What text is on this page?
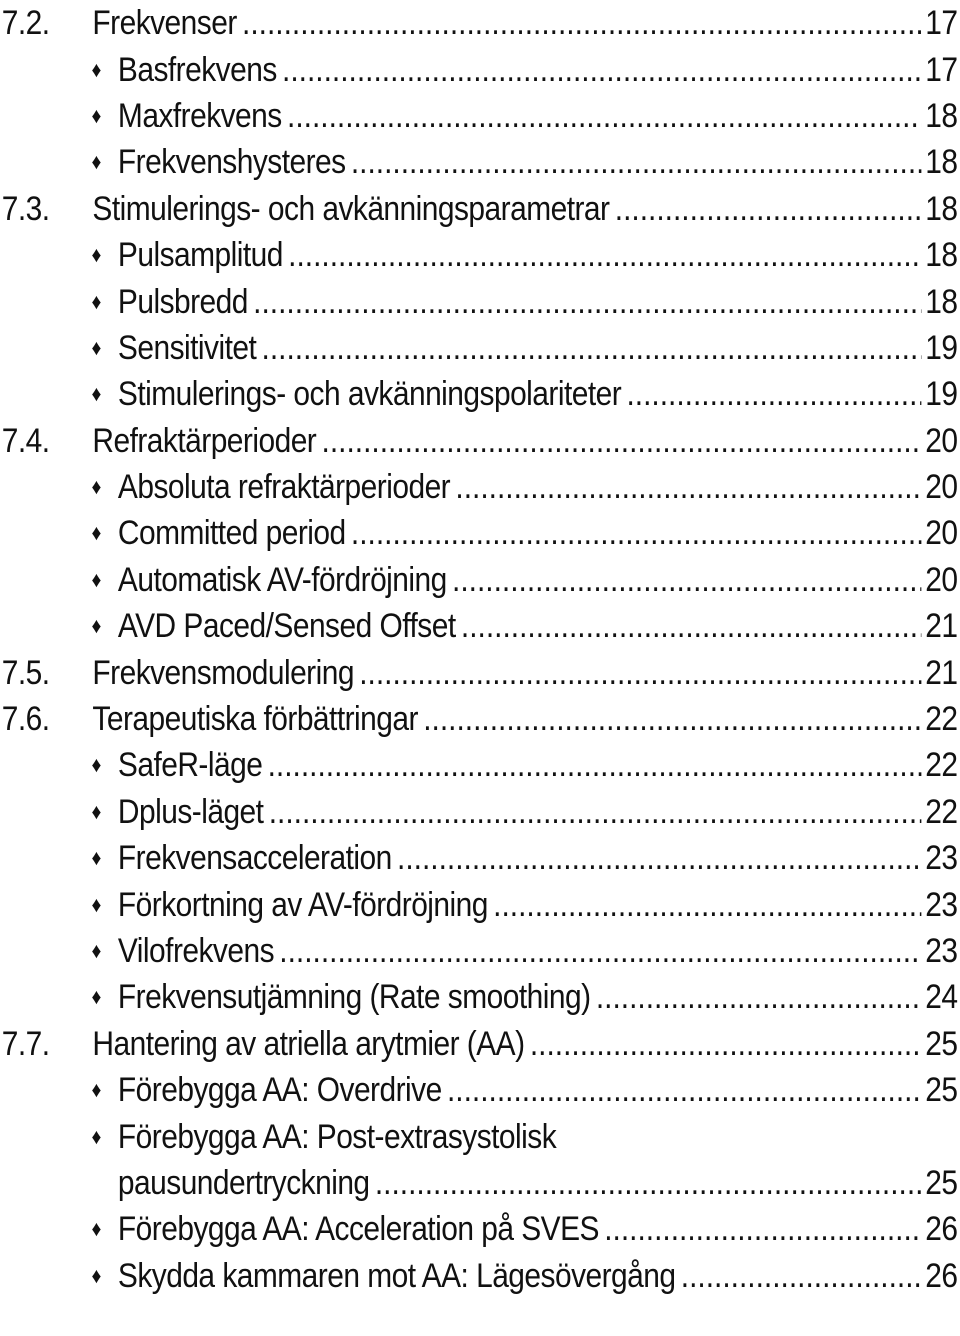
7.2.	Frekvenser .....	17
♦ Basfrekvens .....	17
♦ Maxfrekvens .....	18
♦ Frekvenshysteres .....	18
7.3.	Stimulerings- och avkänningsparametrar .....	18
♦ Pulsamplitud .....	18
♦ Pulsbredd .....	18
♦ Sensitivitet .....	19
♦ Stimulerings- och avkänningspolariteter .....	19
7.4.	Refraktärperioder .....	20
♦ Absoluta refraktärperioder .....	20
♦ Committed period .....	20
♦ Automatisk AV-fördröjning .....	20
♦ AVD Paced/Sensed Offset .....	21
7.5.	Frekvensmodulering .....	21
7.6.	Terapeutiska förbättringar .....	22
♦ SafeR-läge .....	22
♦ Dplus-läget .....	22
♦ Frekvensacceleration .....	23
♦ Förkortning av AV-fördröjning .....	23
♦ Vilofrekvens .....	23
♦ Frekvensutjämning (Rate smoothing) .....	24
7.7.	Hantering av atriella arytmier (AA) .....	25
♦ Förebygga AA: Overdrive .....	25
♦ Förebygga AA: Post-extrasystolisk
pausundertryckning .....	25
♦ Förebygga AA: Acceleration på SVES .....	26
♦ Skydda kammaren mot AA: Lägesövergång .....	26
